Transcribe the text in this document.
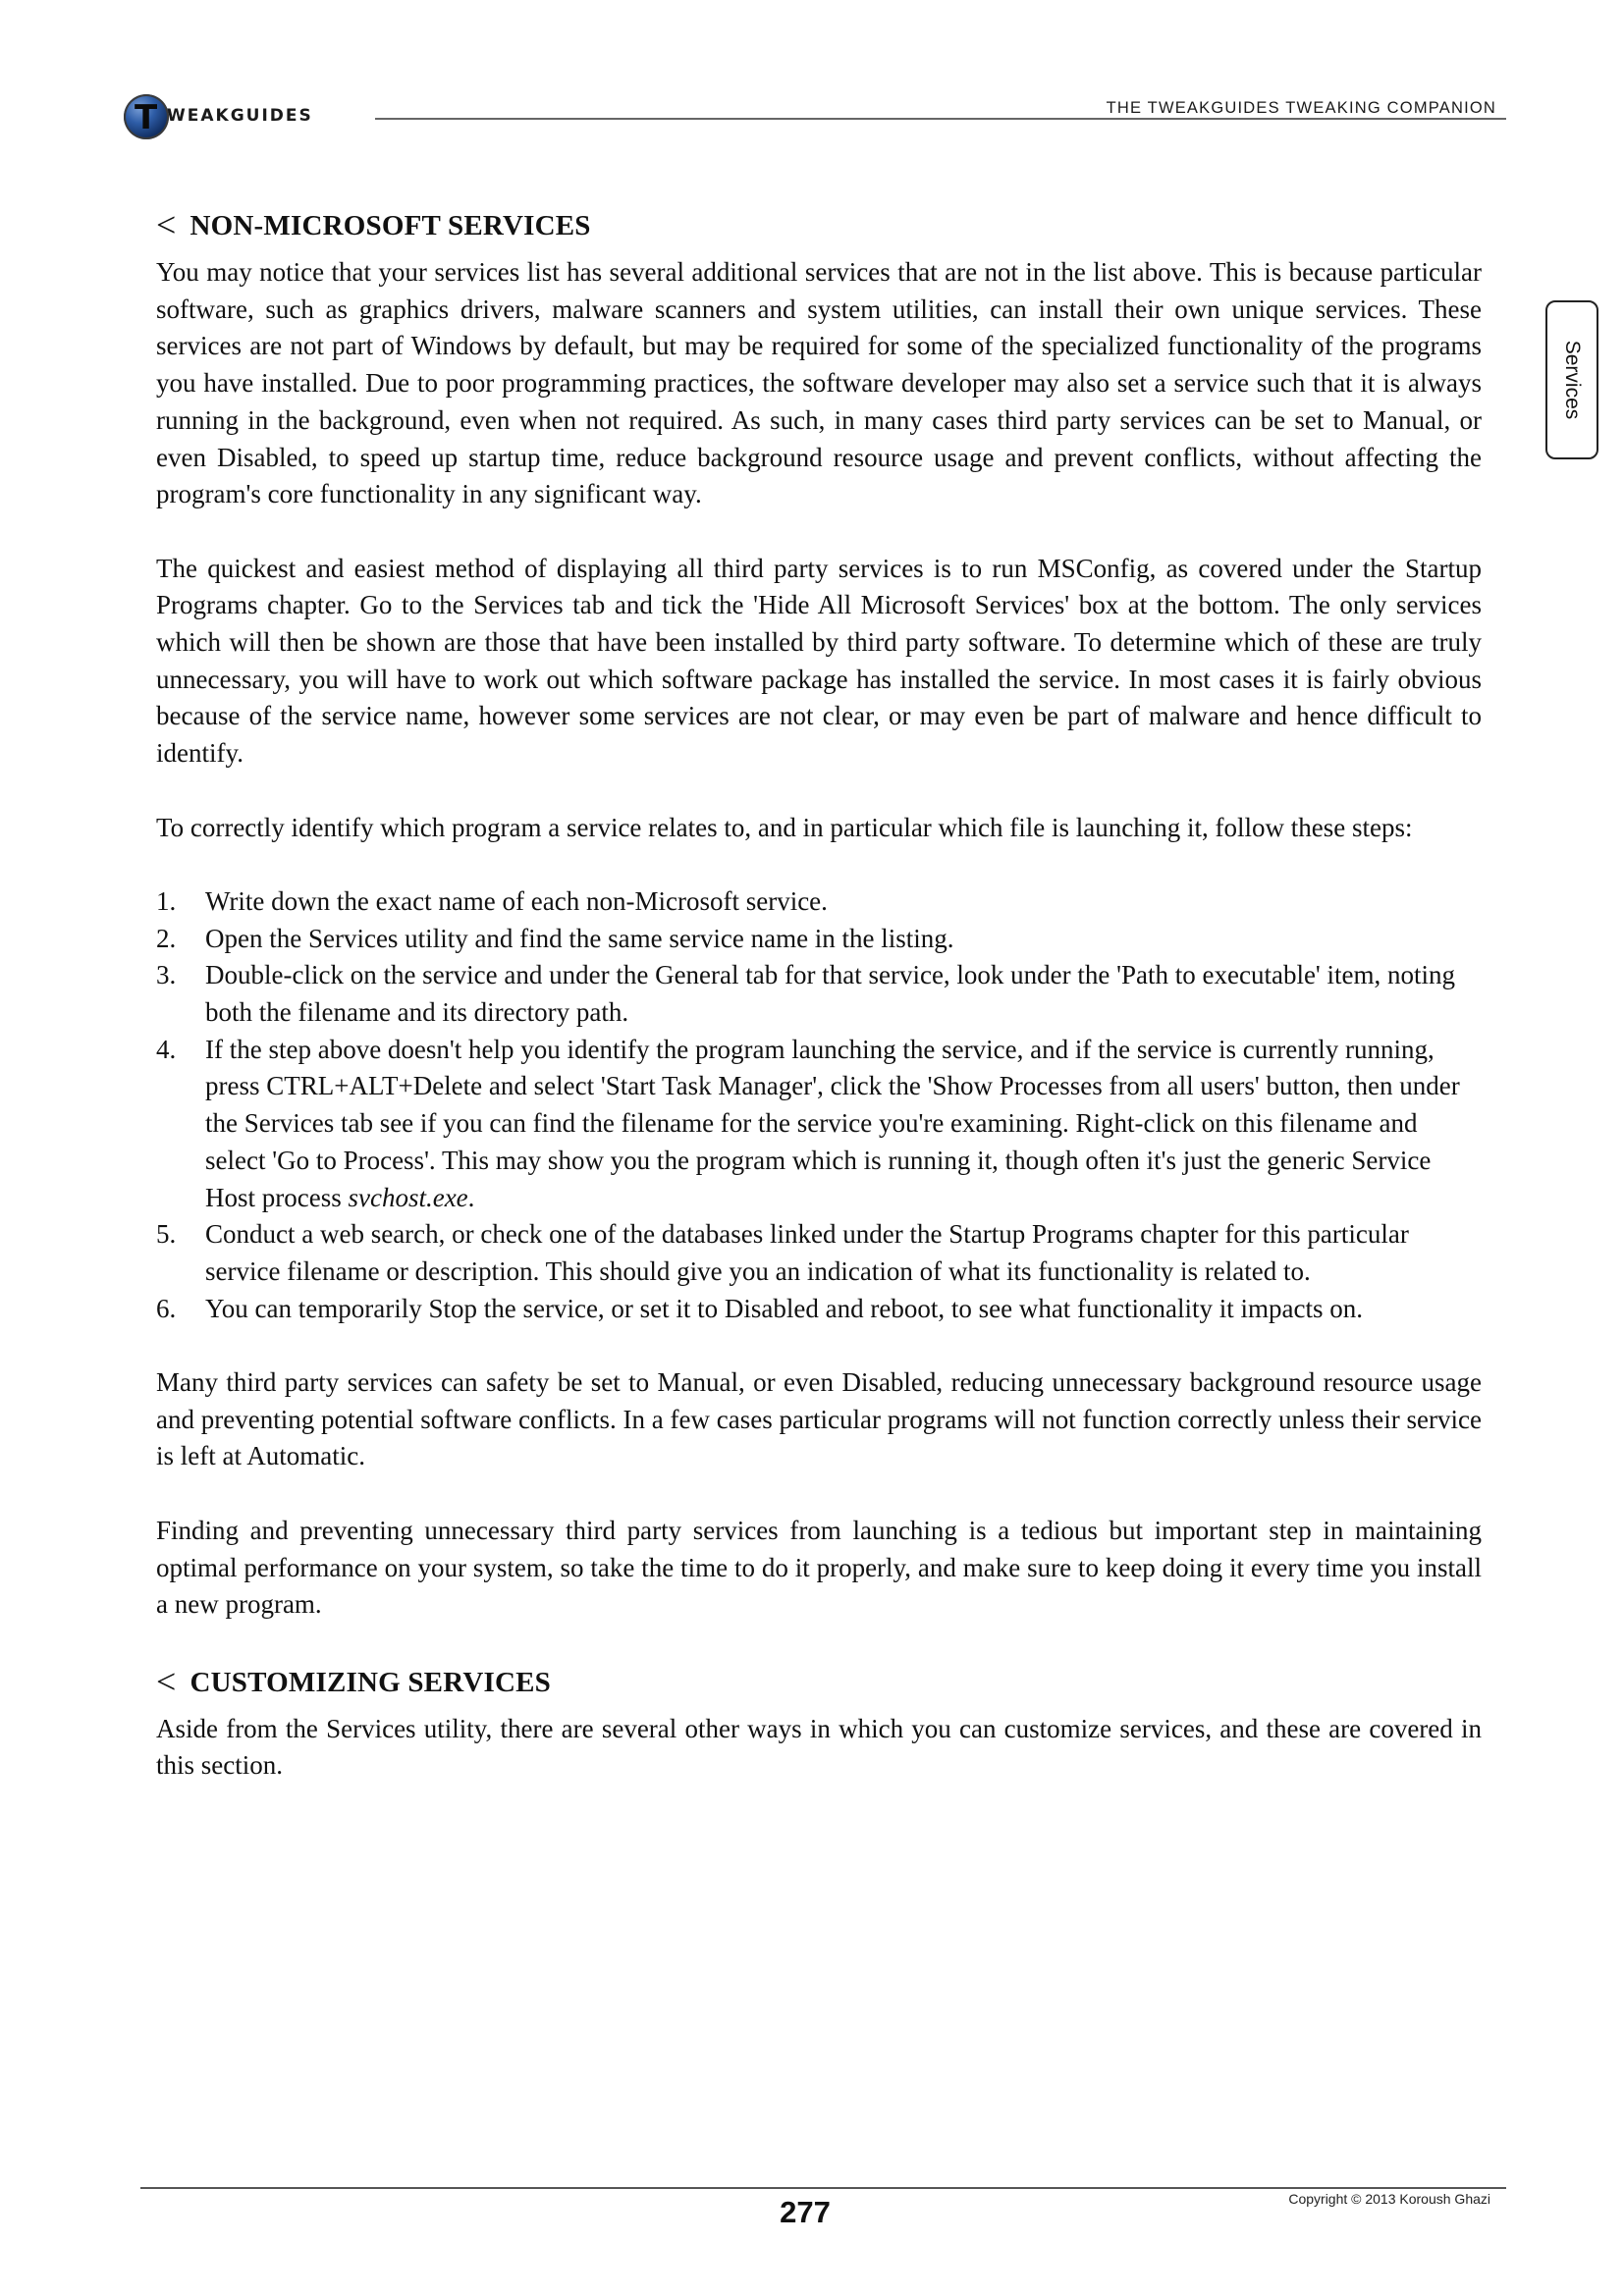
T WEAKGUIDES	THE TWEAKGUIDES TWEAKING COMPANION
Services
< NON-MICROSOFT SERVICES

You may notice that your services list has several additional services that are not in the list above. This is because particular software, such as graphics drivers, malware scanners and system utilities, can install their own unique services. These services are not part of Windows by default, but may be required for some of the specialized functionality of the programs you have installed. Due to poor programming practices, the software developer may also set a service such that it is always running in the background, even when not required. As such, in many cases third party services can be set to Manual, or even Disabled, to speed up startup time, reduce background resource usage and prevent conflicts, without affecting the program's core functionality in any significant way.

The quickest and easiest method of displaying all third party services is to run MSConfig, as covered under the Startup Programs chapter. Go to the Services tab and tick the 'Hide All Microsoft Services' box at the bottom. The only services which will then be shown are those that have been installed by third party software. To determine which of these are truly unnecessary, you will have to work out which software package has installed the service. In most cases it is fairly obvious because of the service name, however some services are not clear, or may even be part of malware and hence difficult to identify.

To correctly identify which program a service relates to, and in particular which file is launching it, follow these steps:

1. Write down the exact name of each non-Microsoft service.
2. Open the Services utility and find the same service name in the listing.
3. Double-click on the service and under the General tab for that service, look under the 'Path to executable' item, noting both the filename and its directory path.
4. If the step above doesn't help you identify the program launching the service, and if the service is currently running, press CTRL+ALT+Delete and select 'Start Task Manager', click the 'Show Processes from all users' button, then under the Services tab see if you can find the filename for the service you're examining. Right-click on this filename and select 'Go to Process'. This may show you the program which is running it, though often it's just the generic Service Host process svchost.exe.
5. Conduct a web search, or check one of the databases linked under the Startup Programs chapter for this particular service filename or description. This should give you an indication of what its functionality is related to.
6. You can temporarily Stop the service, or set it to Disabled and reboot, to see what functionality it impacts on.

Many third party services can safety be set to Manual, or even Disabled, reducing unnecessary background resource usage and preventing potential software conflicts. In a few cases particular programs will not function correctly unless their service is left at Automatic.

Finding and preventing unnecessary third party services from launching is a tedious but important step in maintaining optimal performance on your system, so take the time to do it properly, and make sure to keep doing it every time you install a new program.

< CUSTOMIZING SERVICES

Aside from the Services utility, there are several other ways in which you can customize services, and these are covered in this section.

277	Copyright © 2013 Koroush Ghazi
